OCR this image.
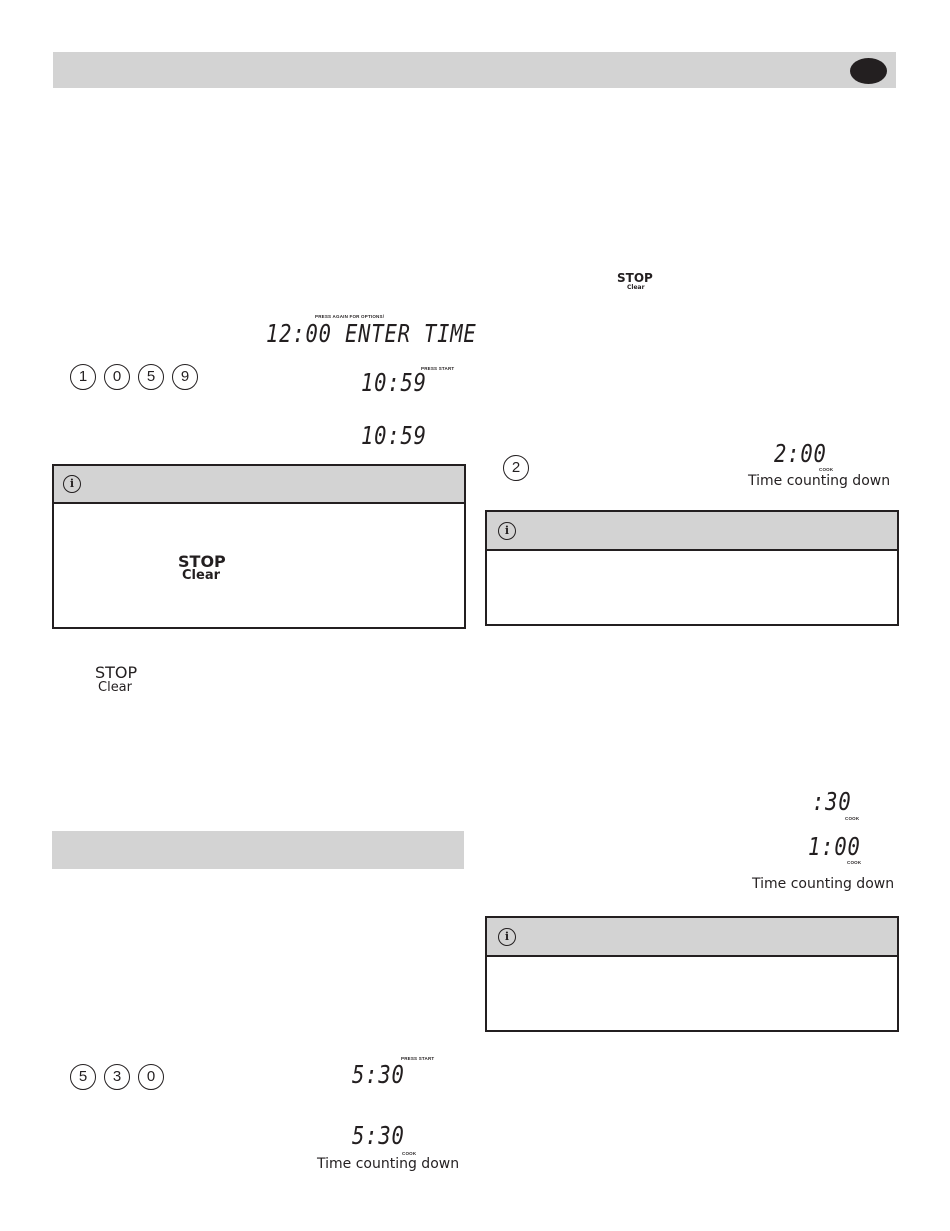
PRESS AGAIN FOR OPTIONS/
12:00 ENTER TIME
1	0	5	9	PRESS START
10:59
10:59
i
STOP
Clear
STOP
Clear
5	3	0
PRESS START
5:30
5:30
COOK
Time counting down
STOP
Clear
2:00
2	COOK
Time counting down
i
:30
COOK
1:00
COOK
Time counting down
i
